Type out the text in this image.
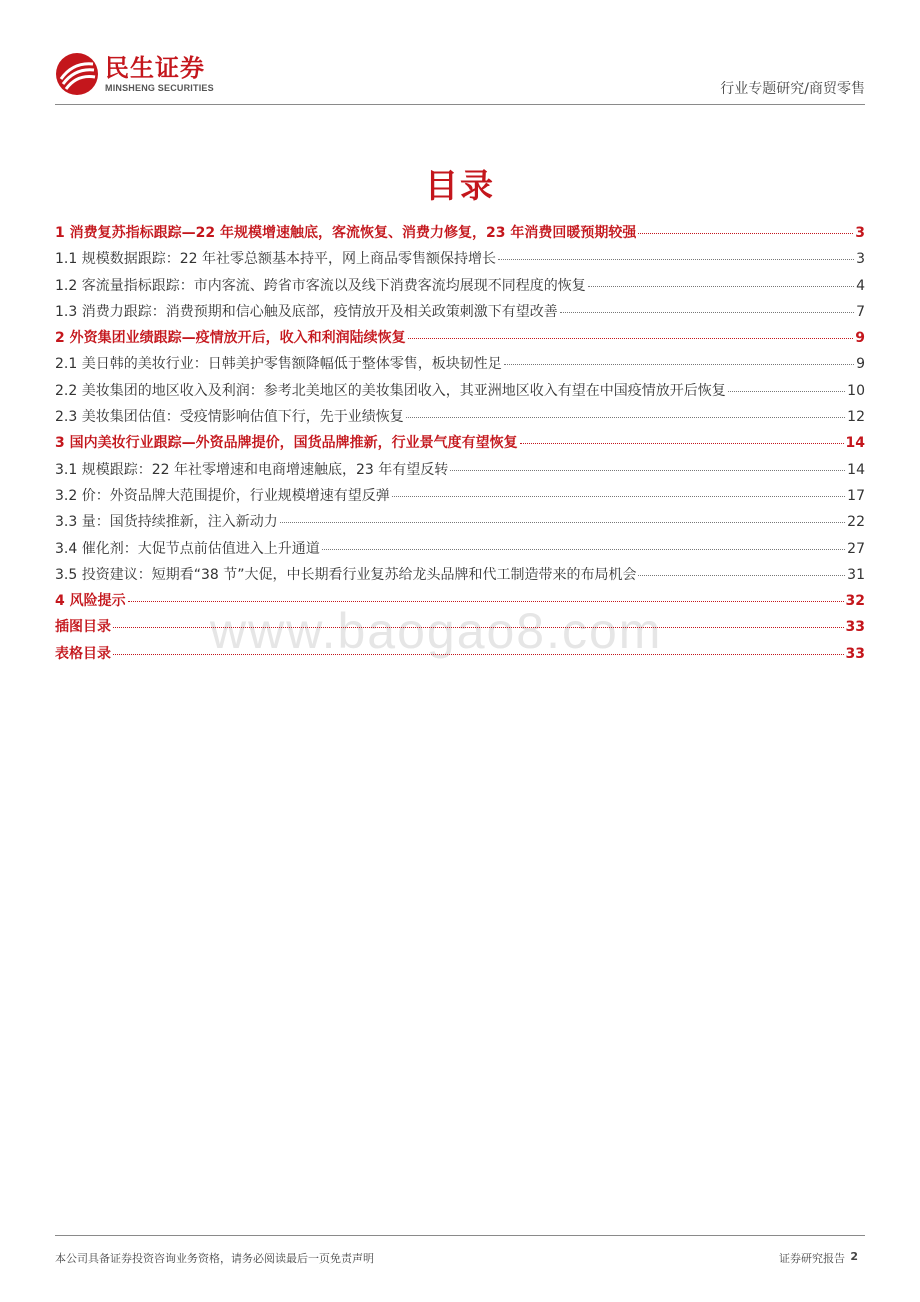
民生证券
MINSHENG SECURITIES	行业专题研究/商贸零售
目录
www.baogao8.com
1 消费复苏指标跟踪—22 年规模增速触底，客流恢复、消费力修复，23 年消费回暖预期较强	3
1.1 规模数据跟踪：22 年社零总额基本持平，网上商品零售额保持增长	3
1.2 客流量指标跟踪：市内客流、跨省市客流以及线下消费客流均展现不同程度的恢复	4
1.3 消费力跟踪：消费预期和信心触及底部，疫情放开及相关政策刺激下有望改善	7
2 外资集团业绩跟踪—疫情放开后，收入和利润陆续恢复	9
2.1 美日韩的美妆行业：日韩美护零售额降幅低于整体零售，板块韧性足	9
2.2 美妆集团的地区收入及利润：参考北美地区的美妆集团收入，其亚洲地区收入有望在中国疫情放开后恢复	10
2.3 美妆集团估值：受疫情影响估值下行，先于业绩恢复	12
3 国内美妆行业跟踪—外资品牌提价，国货品牌推新，行业景气度有望恢复	14
3.1 规模跟踪：22 年社零增速和电商增速触底，23 年有望反转	14
3.2 价：外资品牌大范围提价，行业规模增速有望反弹	17
3.3 量：国货持续推新，注入新动力	22
3.4 催化剂：大促节点前估值进入上升通道	27
3.5 投资建议：短期看“38 节”大促，中长期看行业复苏给龙头品牌和代工制造带来的布局机会	31
4 风险提示	32
插图目录	33
表格目录	33
本公司具备证券投资咨询业务资格，请务必阅读最后一页免责声明	证券研究报告 2
